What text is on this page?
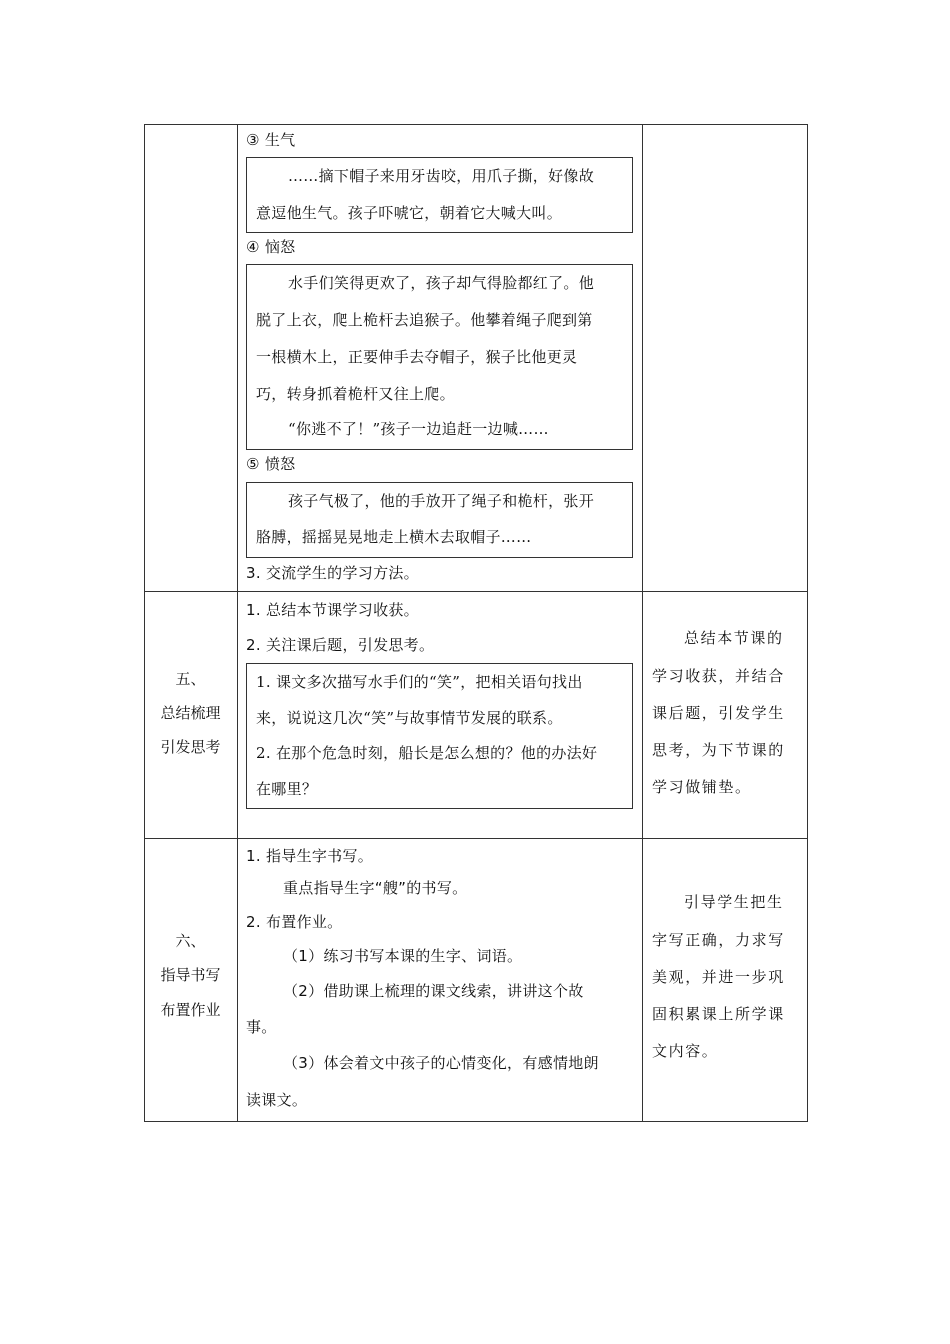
③ 生气
……摘下帽子来用牙齿咬，用爪子撕，好像故
意逗他生气。孩子吓唬它，朝着它大喊大叫。
④ 恼怒
水手们笑得更欢了，孩子却气得脸都红了。他
脱了上衣，爬上桅杆去追猴子。他攀着绳子爬到第
一根横木上，正要伸手去夺帽子，猴子比他更灵
巧，转身抓着桅杆又往上爬。
“你逃不了！”孩子一边追赶一边喊……
⑤ 愤怒
孩子气极了，他的手放开了绳子和桅杆，张开
胳膊，摇摇晃晃地走上横木去取帽子……
3. 交流学生的学习方法。
五、
总结梳理
引发思考
1. 总结本节课学习收获。
2. 关注课后题，引发思考。
1. 课文多次描写水手们的“笑”，把相关语句找出
来，说说这几次“笑”与故事情节发展的联系。
2. 在那个危急时刻，船长是怎么想的？他的办法好
在哪里？
总结本节课的
学习收获，并结合
课后题，引发学生
思考，为下节课的
学习做铺垫。
六、
指导书写
布置作业
1. 指导生字书写。
重点指导生字“艘”的书写。
2. 布置作业。
（1）练习书写本课的生字、词语。
（2）借助课上梳理的课文线索，讲讲这个故
事。
（3）体会着文中孩子的心情变化，有感情地朗
读课文。
引导学生把生
字写正确，力求写
美观，并进一步巩
固积累课上所学课
文内容。
